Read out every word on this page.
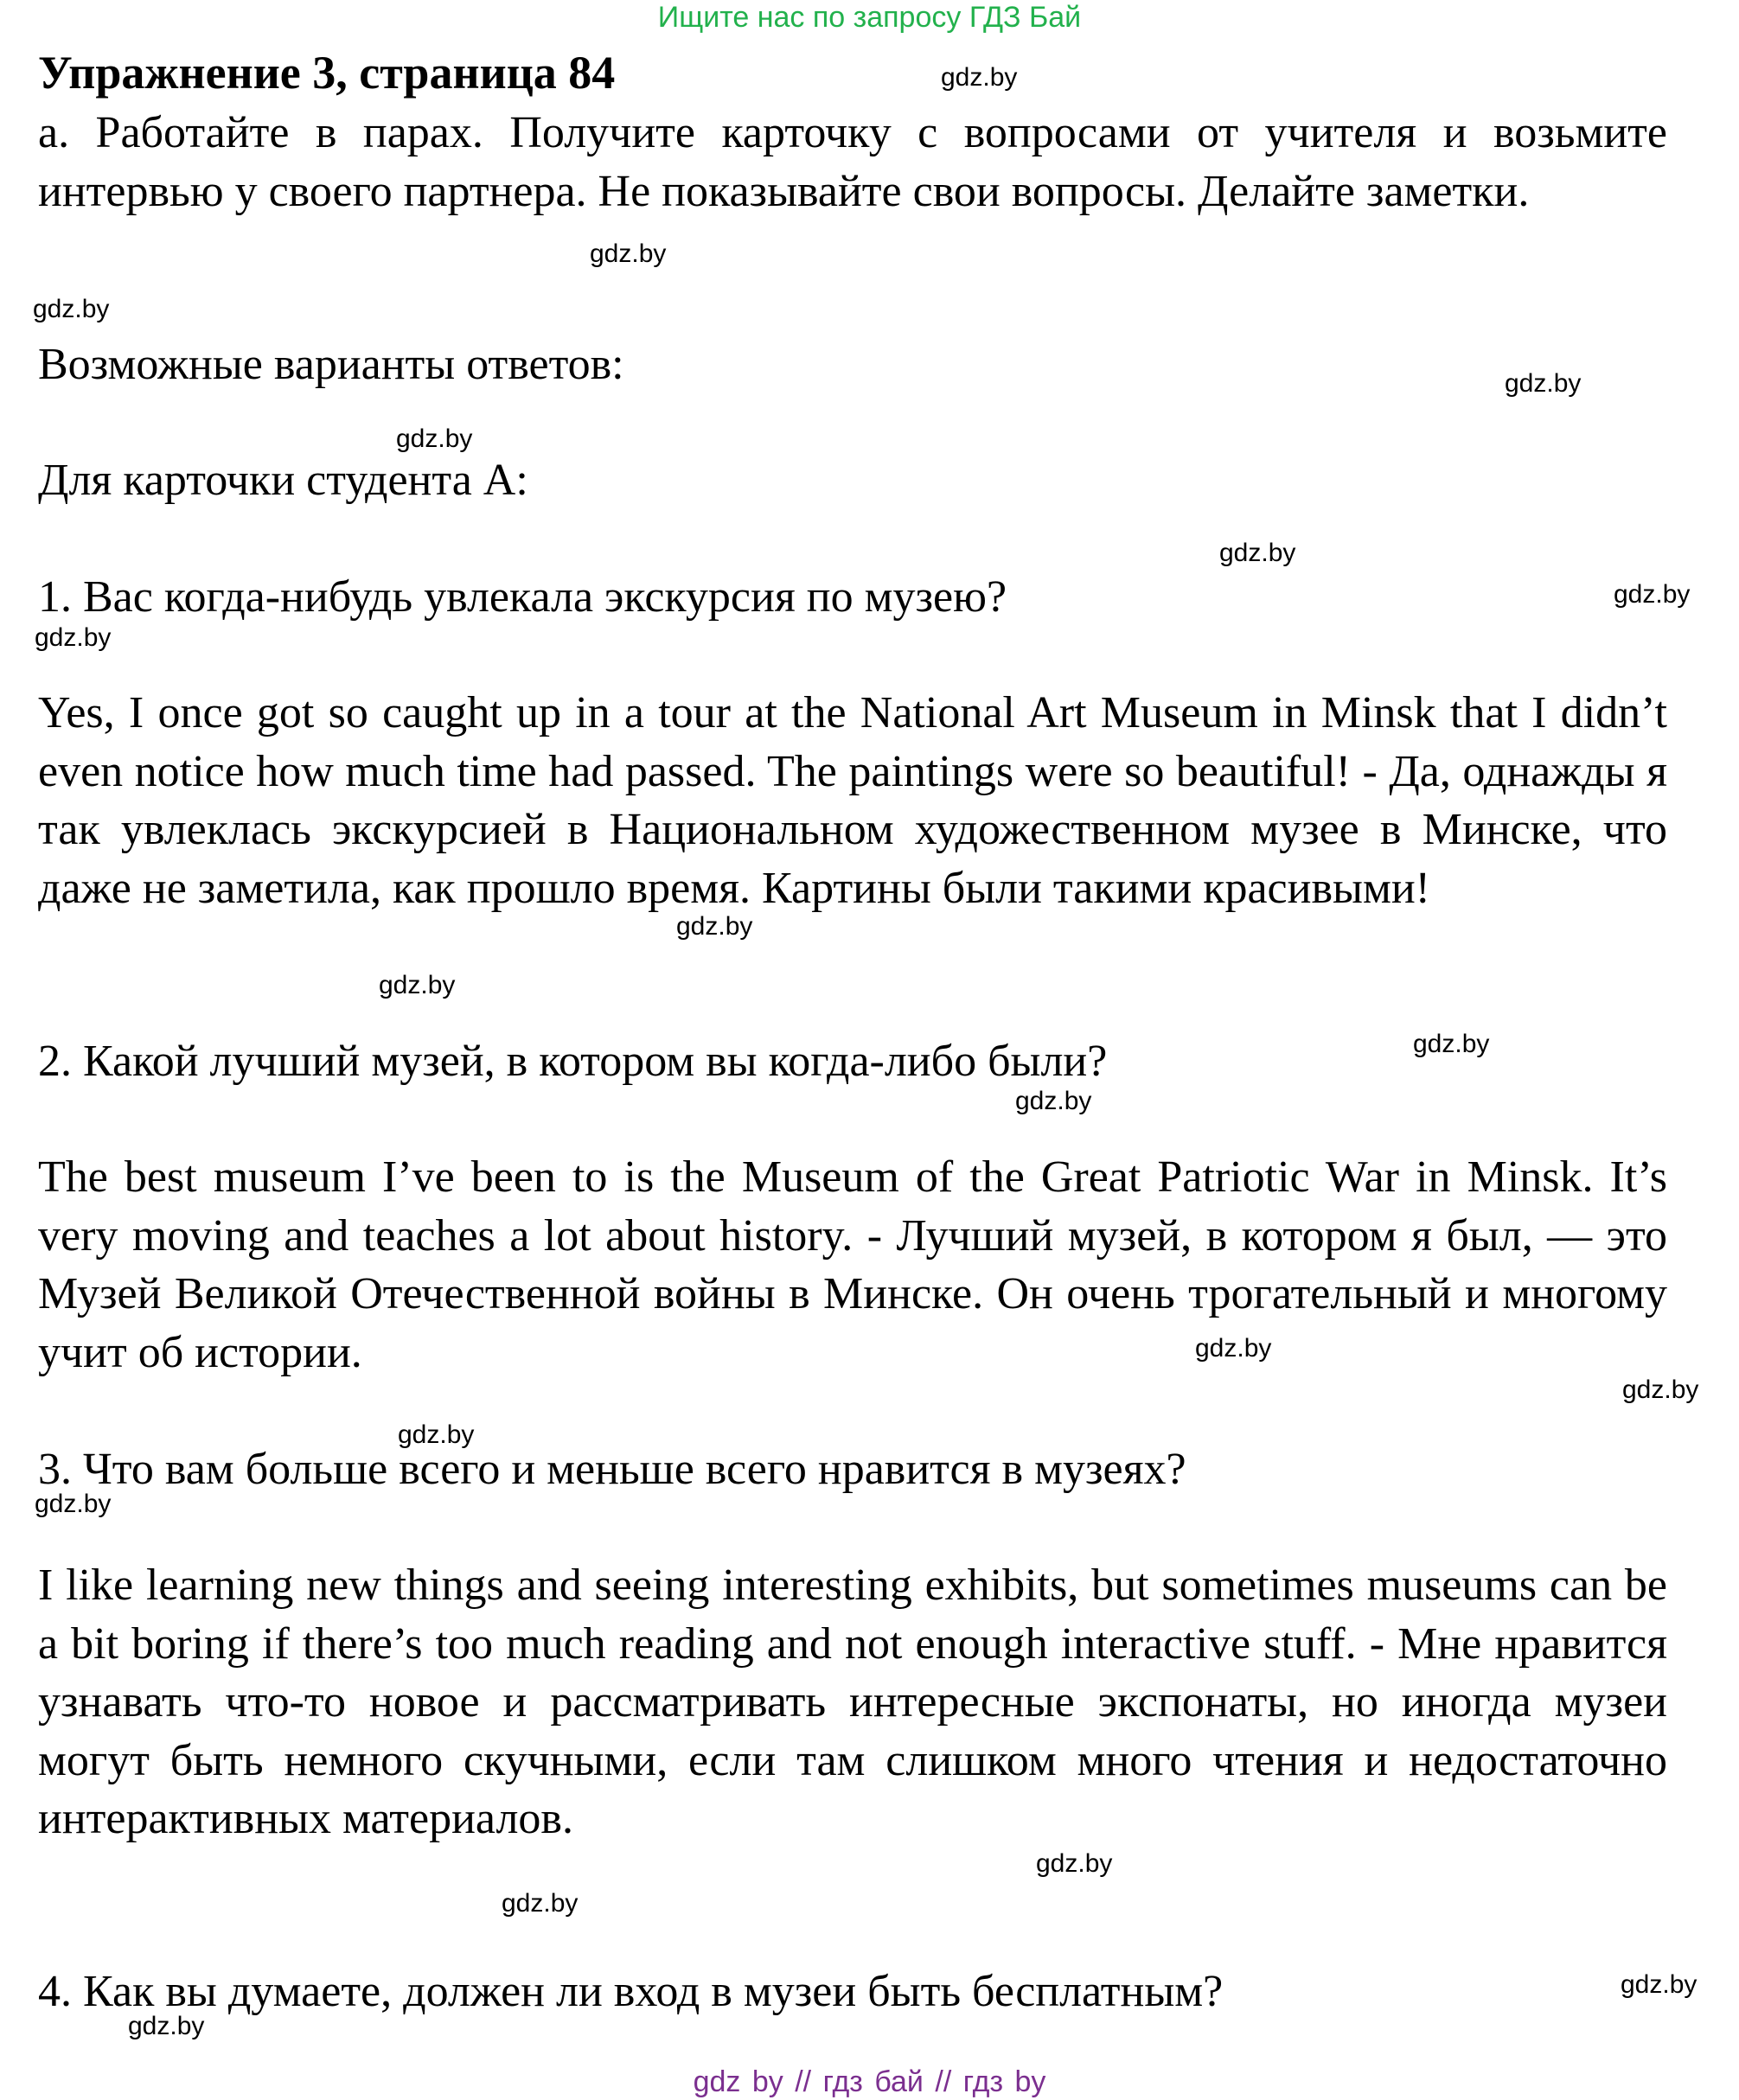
Ищите нас по запросу ГДЗ Бай
Упражнение 3, страница 84

а. Работайте в парах. Получите карточку с вопросами от учителя и возьмите интервью у своего партнера. Не показывайте свои вопросы. Делайте заметки.

Возможные варианты ответов:

Для карточки студента А:

1. Вас когда-нибудь увлекала экскурсия по музею?

Yes, I once got so caught up in a tour at the National Art Museum in Minsk that I didn’t even notice how much time had passed. The paintings were so beautiful! - Да, однажды я так увлеклась экскурсией в Национальном художественном музее в Минске, что даже не заметила, как прошло время. Картины были такими красивыми!

2. Какой лучший музей, в котором вы когда-либо были?

The best museum I’ve been to is the Museum of the Great Patriotic War in Minsk. It’s very moving and teaches a lot about history. - Лучший музей, в котором я был, — это Музей Великой Отечественной войны в Минске. Он очень трогательный и многому учит об истории.

3. Что вам больше всего и меньше всего нравится в музеях?

I like learning new things and seeing interesting exhibits, but sometimes museums can be a bit boring if there’s too much reading and not enough interactive stuff. - Мне нравится узнавать что-то новое и рассматривать интересные экспонаты, но иногда музеи могут быть немного скучными, если там слишком много чтения и недостаточно интерактивных материалов.

4. Как вы думаете, должен ли вход в музеи быть бесплатным?

gdz.by
gdz.by
gdz.by
gdz.by
gdz.by
gdz.by
gdz.by
gdz.by
gdz.by
gdz.by
gdz.by
gdz.by
gdz.by
gdz.by
gdz.by
gdz.by
gdz.by
gdz.by
gdz.by
gdz.by
gdz by // гдз бай // гдз by
